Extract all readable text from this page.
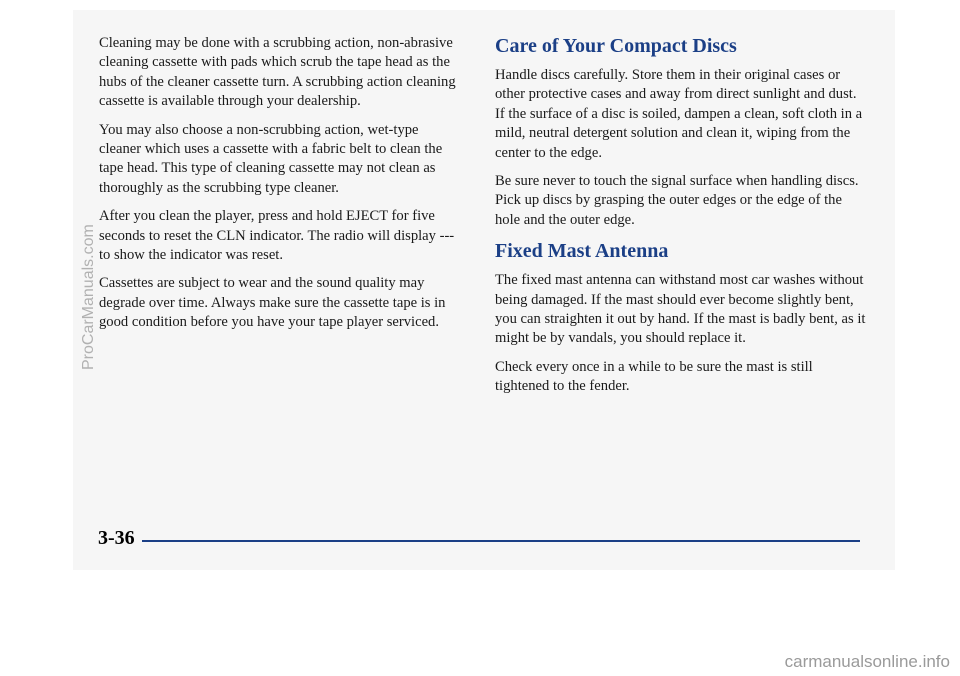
Cleaning may be done with a scrubbing action, non-abrasive cleaning cassette with pads which scrub the tape head as the hubs of the cleaner cassette turn. A scrubbing action cleaning cassette is available through your dealership.

You may also choose a non-scrubbing action, wet-type cleaner which uses a cassette with a fabric belt to clean the tape head. This type of cleaning cassette may not clean as thoroughly as the scrubbing type cleaner.

After you clean the player, press and hold EJECT for five seconds to reset the CLN indicator. The radio will display --- to show the indicator was reset.

Cassettes are subject to wear and the sound quality may degrade over time. Always make sure the cassette tape is in good condition before you have your tape player serviced.

Care of Your Compact Discs

Handle discs carefully. Store them in their original cases or other protective cases and away from direct sunlight and dust. If the surface of a disc is soiled, dampen a clean, soft cloth in a mild, neutral detergent solution and clean it, wiping from the center to the edge.

Be sure never to touch the signal surface when handling discs. Pick up discs by grasping the outer edges or the edge of the hole and the outer edge.

Fixed Mast Antenna

The fixed mast antenna can withstand most car washes without being damaged. If the mast should ever become slightly bent, you can straighten it out by hand. If the mast is badly bent, as it might be by vandals, you should replace it.

Check every once in a while to be sure the mast is still tightened to the fender.

3-36
ProCarManuals.com
carmanualsonline.info
